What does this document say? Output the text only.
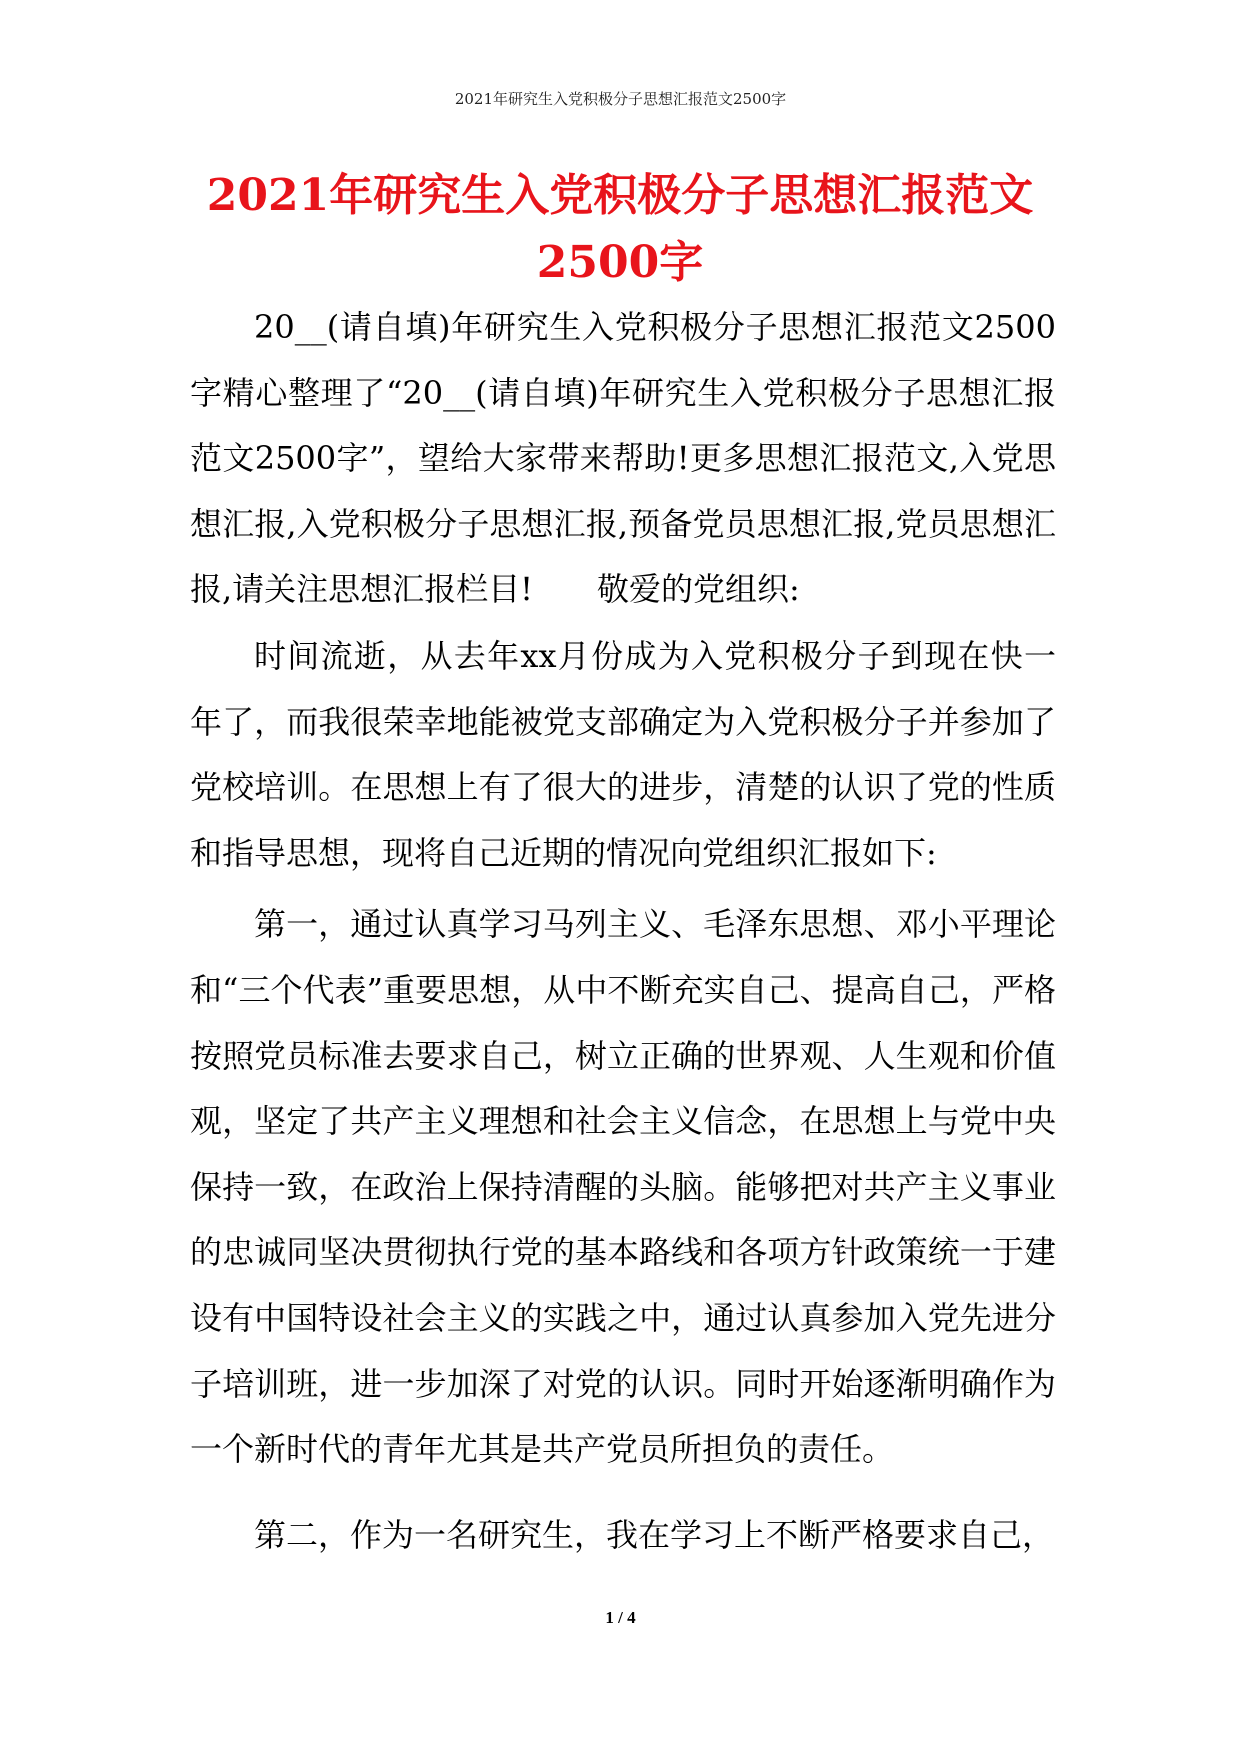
2021年研究生入党积极分子思想汇报范文2500字
2021年研究生入党积极分子思想汇报范文
2500字

20__(请自填)年研究生入党积极分子思想汇报范文2500字精心整理了“20__(请自填)年研究生入党积极分子思想汇报范文2500字”，望给大家带来帮助!更多思想汇报范文,入党思想汇报,入党积极分子思想汇报,预备党员思想汇报,党员思想汇报,请关注思想汇报栏目!　　敬爱的党组织:

时间流逝，从去年xx月份成为入党积极分子到现在快一年了，而我很荣幸地能被党支部确定为入党积极分子并参加了党校培训。在思想上有了很大的进步，清楚的认识了党的性质和指导思想，现将自己近期的情况向党组织汇报如下:

第一，通过认真学习马列主义、毛泽东思想、邓小平理论和“三个代表”重要思想，从中不断充实自己、提高自己，严格按照党员标准去要求自己，树立正确的世界观、人生观和价值观，坚定了共产主义理想和社会主义信念，在思想上与党中央保持一致，在政治上保持清醒的头脑。能够把对共产主义事业的忠诚同坚决贯彻执行党的基本路线和各项方针政策统一于建设有中国特设社会主义的实践之中，通过认真参加入党先进分子培训班，进一步加深了对党的认识。同时开始逐渐明确作为一个新时代的青年尤其是共产党员所担负的责任。

第二，作为一名研究生，我在学习上不断严格要求自己，

1 / 4
